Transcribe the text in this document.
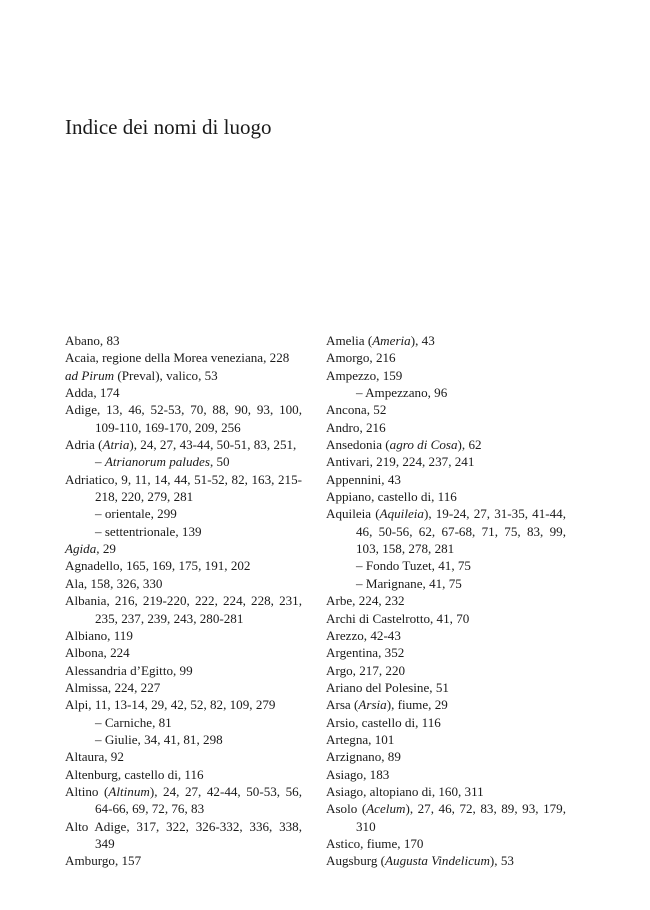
Indice dei nomi di luogo

Abano, 83

Acaia, regione della Morea veneziana, 228

ad Pirum (Preval), valico, 53

Adda, 174

Adige, 13, 46, 52-53, 70, 88, 90, 93, 100, 109-110, 169-170, 209, 256

Adria (Atria), 24, 27, 43-44, 50-51, 83, 251,

– Atrianorum paludes, 50

Adriatico, 9, 11, 14, 44, 51-52, 82, 163, 215-218, 220, 279, 281

– orientale, 299

– settentrionale, 139

Agida, 29

Agnadello, 165, 169, 175, 191, 202

Ala, 158, 326, 330

Albania, 216, 219-220, 222, 224, 228, 231, 235, 237, 239, 243, 280-281

Albiano, 119

Albona, 224

Alessandria d’Egitto, 99

Almissa, 224, 227

Alpi, 11, 13-14, 29, 42, 52, 82, 109, 279

– Carniche, 81

– Giulie, 34, 41, 81, 298

Altaura, 92

Altenburg, castello di, 116

Altino (Altinum), 24, 27, 42-44, 50-53, 56, 64-66, 69, 72, 76, 83

Alto Adige, 317, 322, 326-332, 336, 338, 349

Amburgo, 157

Amelia (Ameria), 43

Amorgo, 216

Ampezzo, 159

– Ampezzano, 96

Ancona, 52

Andro, 216

Ansedonia (agro di Cosa), 62

Antivari, 219, 224, 237, 241

Appennini, 43

Appiano, castello di, 116

Aquileia (Aquileia), 19-24, 27, 31-35, 41-44, 46, 50-56, 62, 67-68, 71, 75, 83, 99, 103, 158, 278, 281

– Fondo Tuzet, 41, 75

– Marignane, 41, 75

Arbe, 224, 232

Archi di Castelrotto, 41, 70

Arezzo, 42-43

Argentina, 352

Argo, 217, 220

Ariano del Polesine, 51

Arsa (Arsia), fiume, 29

Arsio, castello di, 116

Artegna, 101

Arzignano, 89

Asiago, 183

Asiago, altopiano di, 160, 311

Asolo (Acelum), 27, 46, 72, 83, 89, 93, 179, 310

Astico, fiume, 170

Augsburg (Augusta Vindelicum), 53
